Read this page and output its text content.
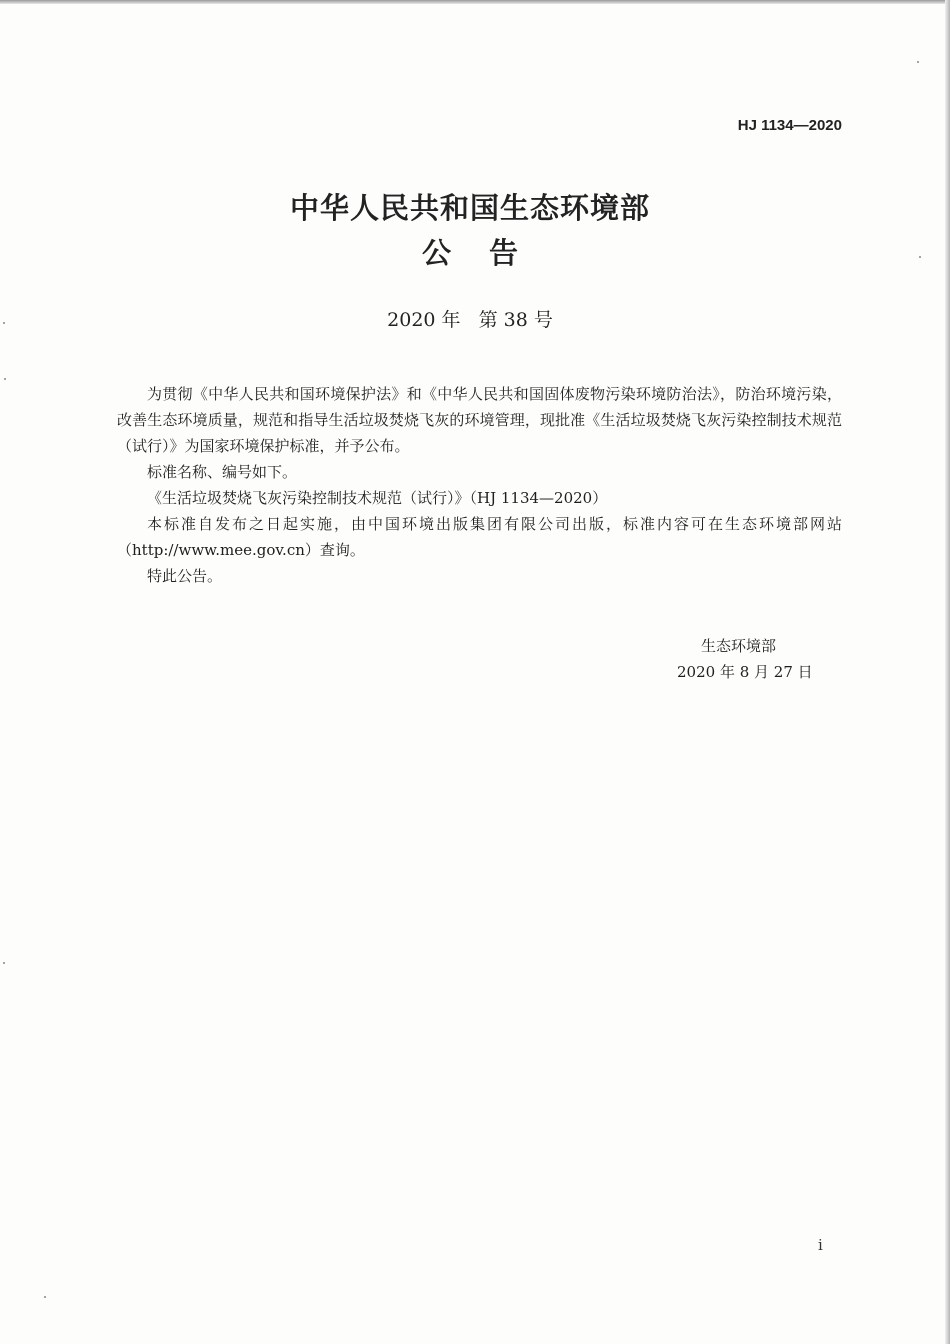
HJ 1134—2020
中华人民共和国生态环境部
公告
2020 年 第 38 号

为贯彻《中华人民共和国环境保护法》和《中华人民共和国固体废物污染环境防治法》，防治环境污染，改善生态环境质量，规范和指导生活垃圾焚烧飞灰的环境管理，现批准《生活垃圾焚烧飞灰污染控制技术规范（试行）》为国家环境保护标准，并予公布。

标准名称、编号如下。

《生活垃圾焚烧飞灰污染控制技术规范（试行）》（HJ 1134—2020）

本标准自发布之日起实施，由中国环境出版集团有限公司出版，标准内容可在生态环境部网站（http://www.mee.gov.cn）查询。

特此公告。

生态环境部
2020 年 8 月 27 日
i
